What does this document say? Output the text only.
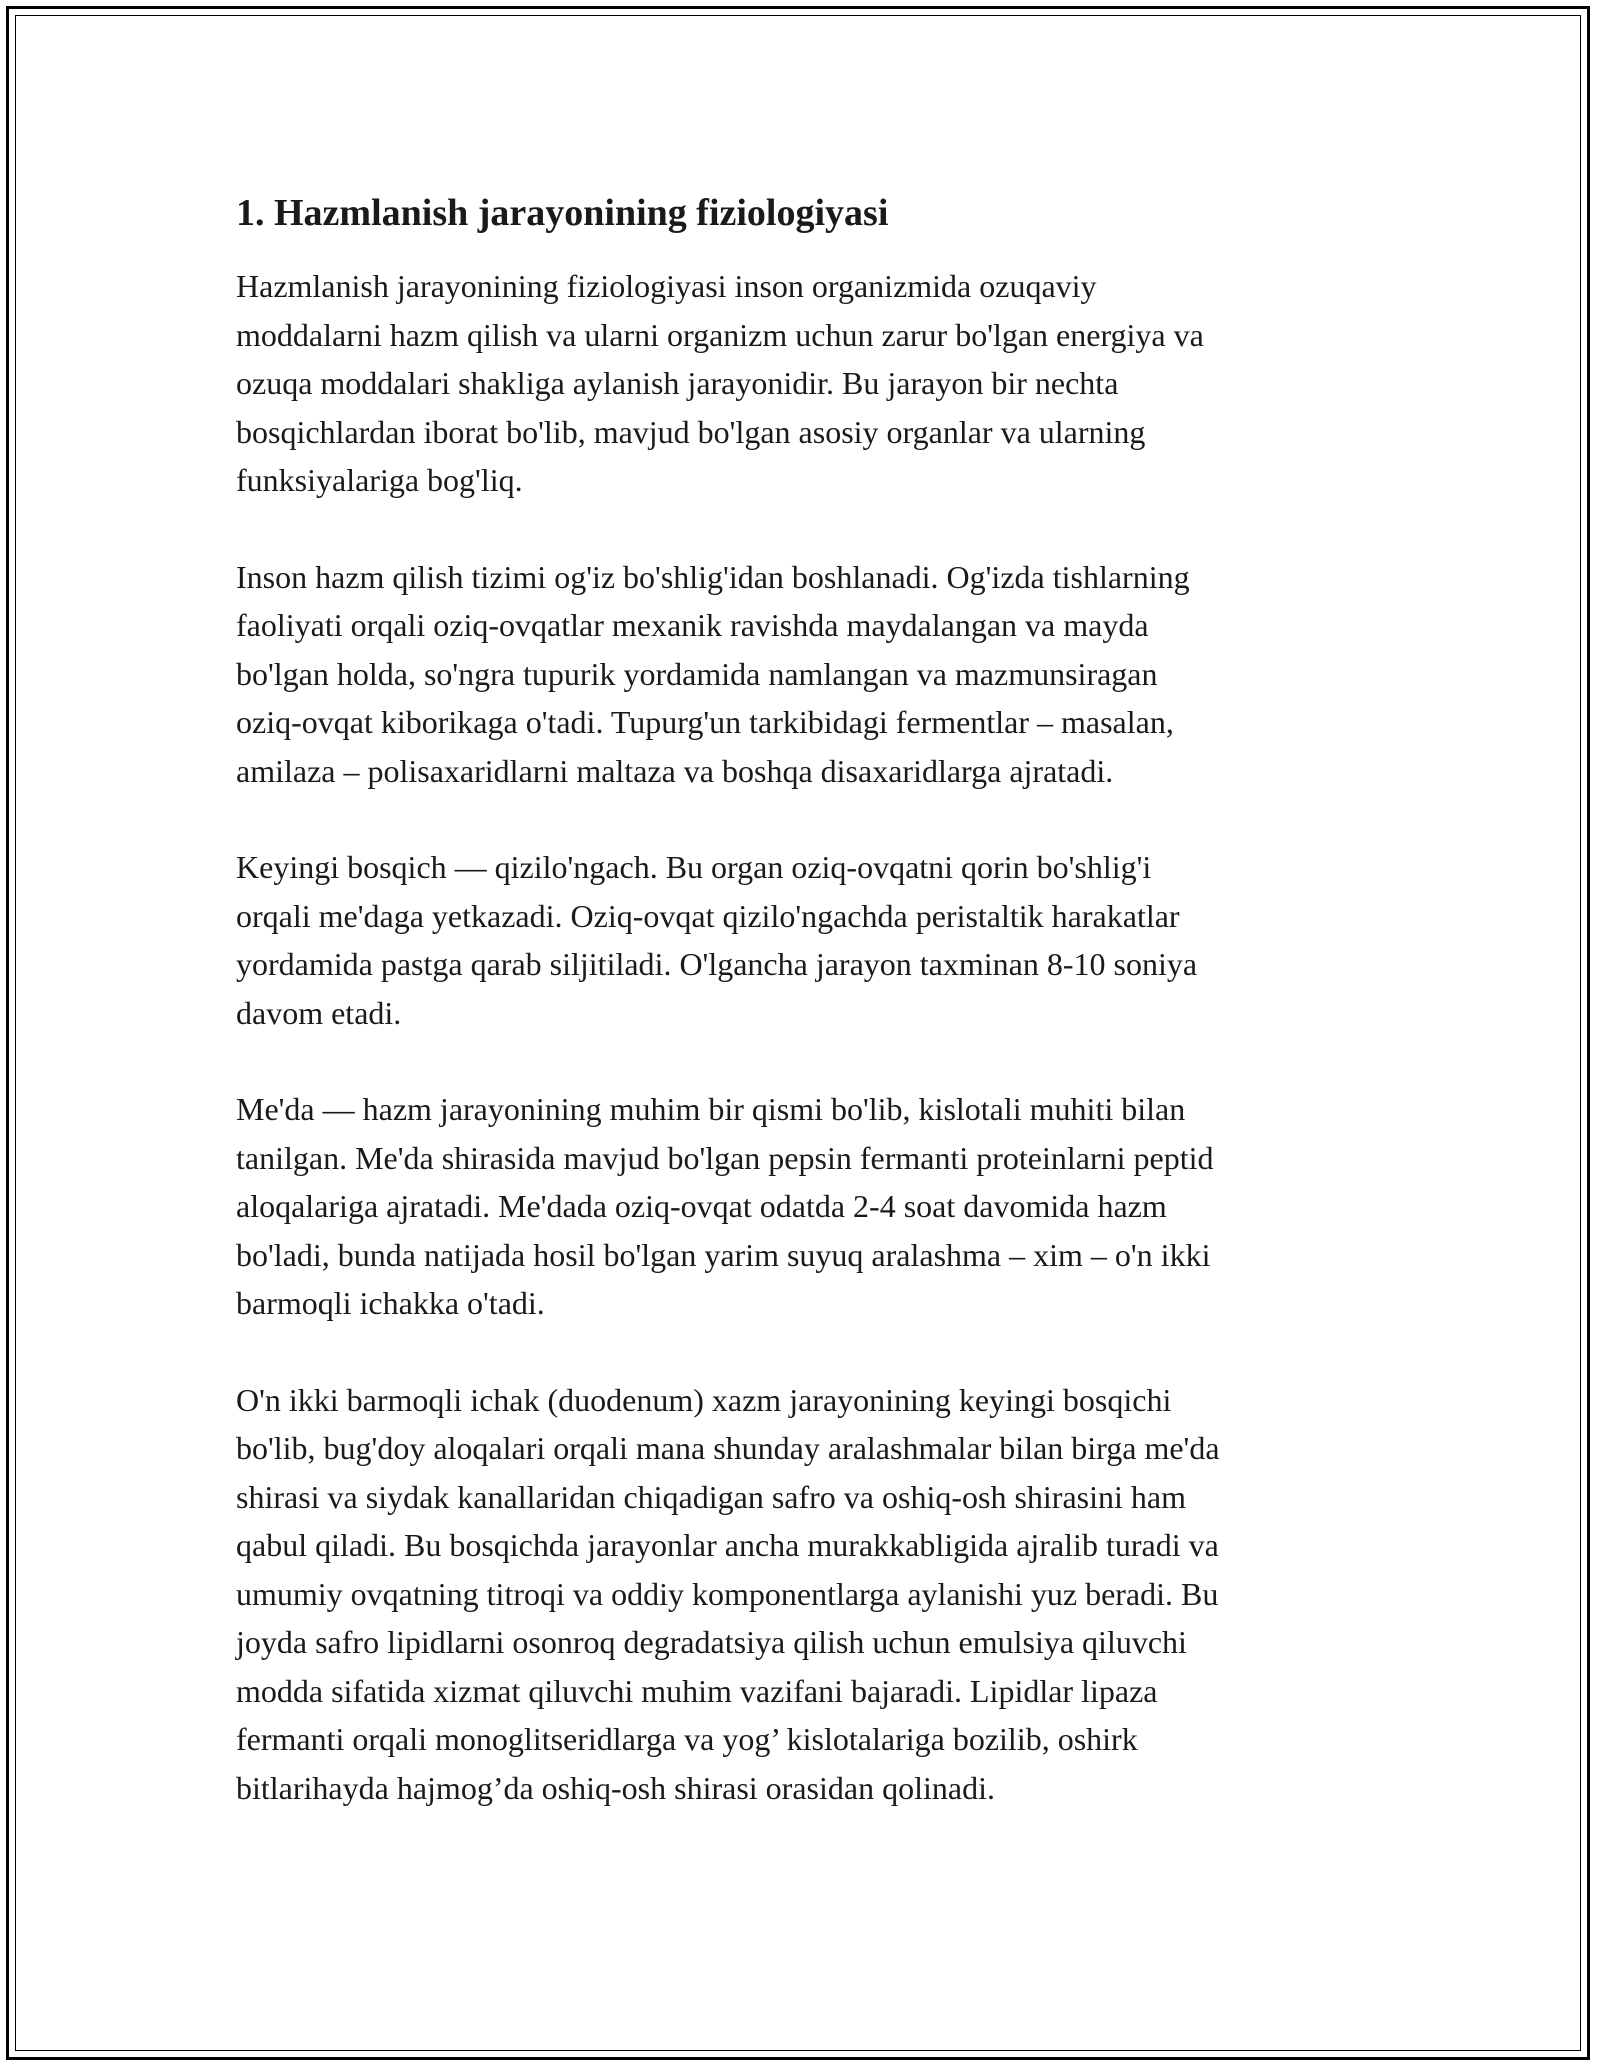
1. Hazmlanish jarayonining fiziologiyasi

Hazmlanish jarayonining fiziologiyasi inson organizmida ozuqaviy
moddalarni hazm qilish va ularni organizm uchun zarur bo'lgan energiya va
ozuqa moddalari shakliga aylanish jarayonidir. Bu jarayon bir nechta
bosqichlardan iborat bo'lib, mavjud bo'lgan asosiy organlar va ularning
funksiyalariga bog'liq.

Inson hazm qilish tizimi og'iz bo'shlig'idan boshlanadi. Og'izda tishlarning
faoliyati orqali oziq-ovqatlar mexanik ravishda maydalangan va mayda
bo'lgan holda, so'ngra tupurik yordamida namlangan va mazmunsiragan
oziq-ovqat kiborikaga o'tadi. Tupurg'un tarkibidagi fermentlar – masalan,
amilaza – polisaxaridlarni maltaza va boshqa disaxaridlarga ajratadi.

Keyingi bosqich — qizilo'ngach. Bu organ oziq-ovqatni qorin bo'shlig'i
orqali me'daga yetkazadi. Oziq-ovqat qizilo'ngachda peristaltik harakatlar
yordamida pastga qarab siljitiladi. O'lgancha jarayon taxminan 8-10 soniya
davom etadi.

Me'da — hazm jarayonining muhim bir qismi bo'lib, kislotali muhiti bilan
tanilgan. Me'da shirasida mavjud bo'lgan pepsin fermanti proteinlarni peptid
aloqalariga ajratadi. Me'dada oziq-ovqat odatda 2-4 soat davomida hazm
bo'ladi, bunda natijada hosil bo'lgan yarim suyuq aralashma – xim – o'n ikki
barmoqli ichakka o'tadi.

O'n ikki barmoqli ichak (duodenum) xazm jarayonining keyingi bosqichi
bo'lib, bug'doy aloqalari orqali mana shunday aralashmalar bilan birga me'da
shirasi va siydak kanallaridan chiqadigan safro va oshiq-osh shirasini ham
qabul qiladi. Bu bosqichda jarayonlar ancha murakkabligida ajralib turadi va
umumiy ovqatning titroqi va oddiy komponentlarga aylanishi yuz beradi. Bu
joyda safro lipidlarni osonroq degradatsiya qilish uchun emulsiya qiluvchi
modda sifatida xizmat qiluvchi muhim vazifani bajaradi. Lipidlar lipaza
fermanti orqali monoglitseridlarga va yog’ kislotalariga bozilib, oshirk
bitlarihayda hajmog’da oshiq-osh shirasi orasidan qolinadi.
